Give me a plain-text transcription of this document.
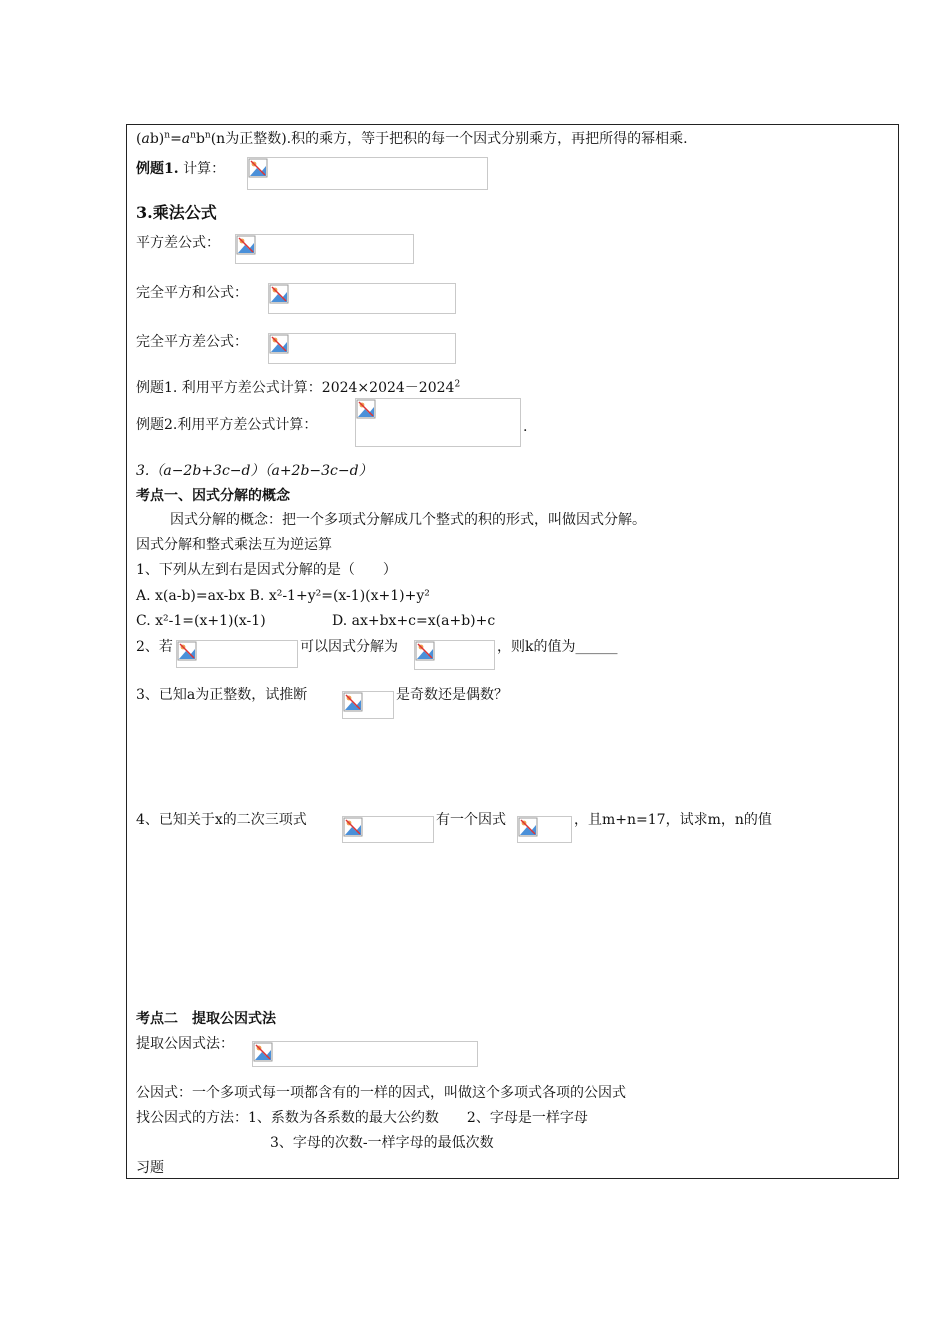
$(ab)^n=a^nb^n(n$为正整数).积的乘方，等于把积的每一个因式分别乘方，再把所得的幂相乘.
例题1. 计算：
3.乘法公式
平方差公式：
完全平方和公式：
完全平方差公式：
例题1. 利用平方差公式计算：$2024\times 2024-2024^2$
例题2.利用平方差公式计算：	.
3.（a−2b+3c−d）（a+2b−3c−d）
考点一、因式分解的概念
因式分解的概念：把一个多项式分解成几个整式的积的形式，叫做因式分解。
因式分解和整式乘法互为逆运算
1、下列从左到右是因式分解的是（　　）
A. x(a-b)=ax-bx B. x²-1+y²=(x-1)(x+1)+y²
C. x²-1=(x+1)(x-1)	D. ax+bx+c=x(a+b)+c
2、若	可以因式分解为	，则k的值为______
3、已知a为正整数，试推断	是奇数还是偶数？
4、已知关于x的二次三项式	有一个因式	，且m+n=17，试求m，n的值
考点二　提取公因式法
提取公因式法：
公因式：一个多项式每一项都含有的一样的因式，叫做这个多项式各项的公因式
找公因式的方法：1、系数为各系数的最大公约数　　2、字母是一样字母
3、字母的次数-一样字母的最低次数
习题
